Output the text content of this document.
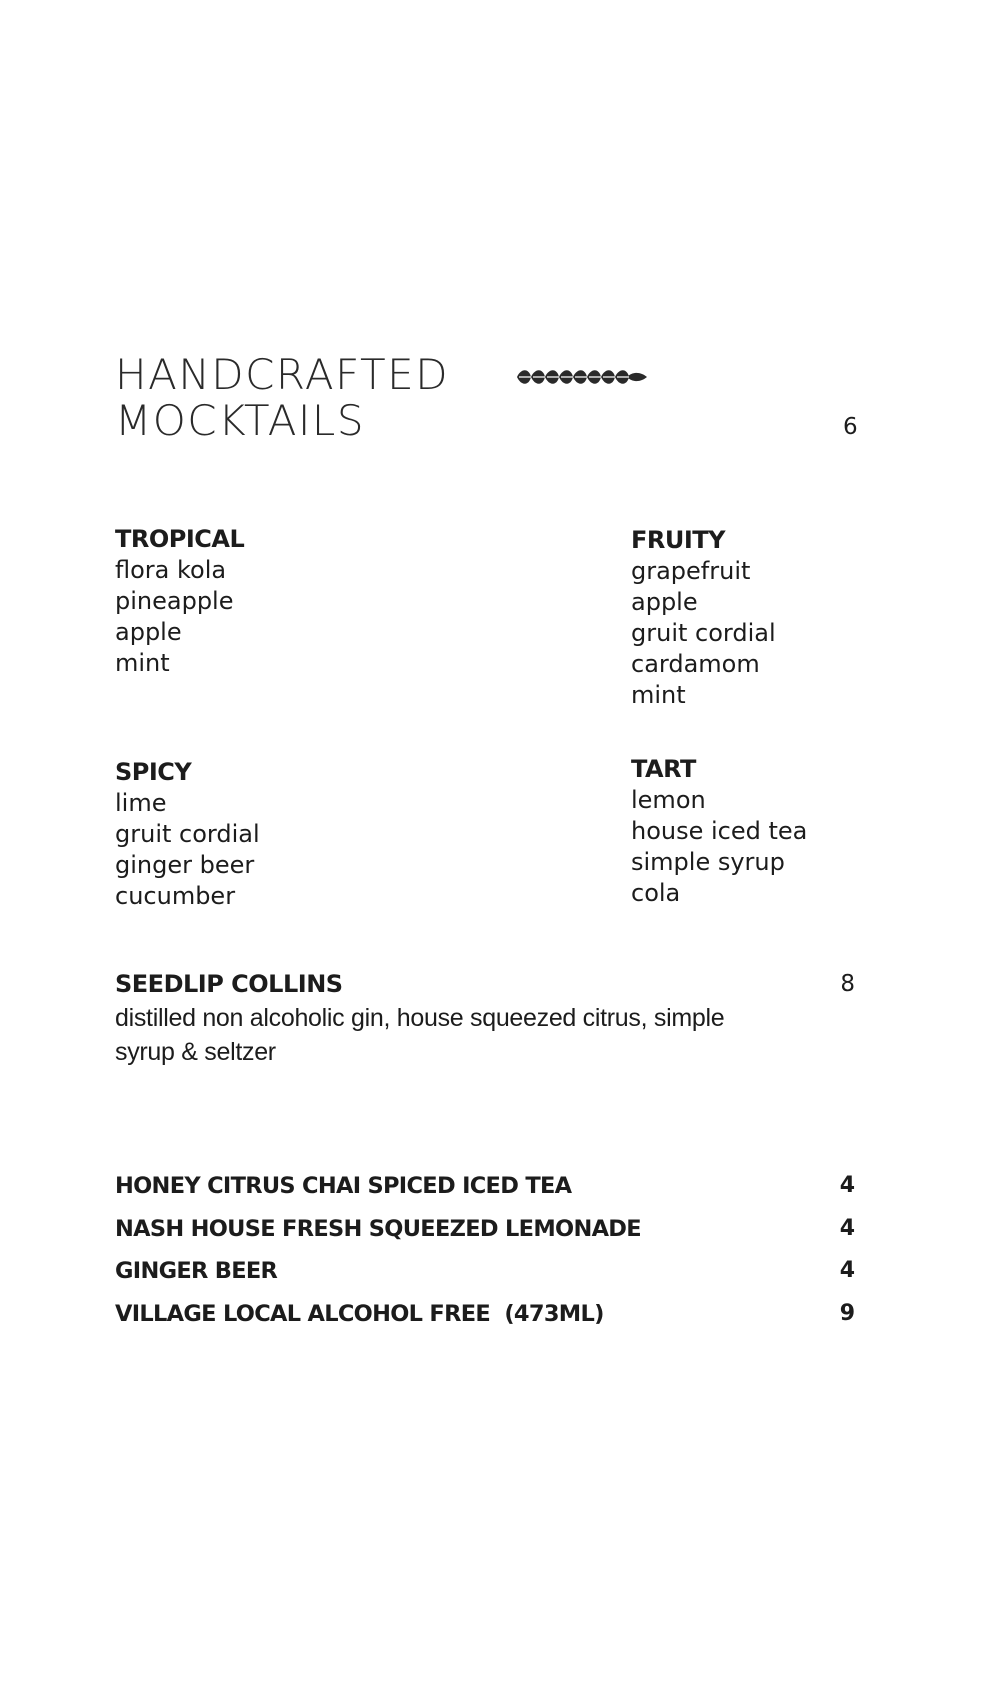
HANDCRAFTED
MOCKTAILS	6
TROPICAL
flora kola
pineapple
apple
mint
FRUITY
grapefruit
apple
gruit cordial
cardamom
mint
SPICY
lime
gruit cordial
ginger beer
cucumber
TART
lemon
house iced tea
simple syrup
cola
SEEDLIP COLLINS
distilled non alcoholic gin, house squeezed citrus, simple syrup & seltzer
8
HONEY CITRUS CHAI SPICED ICED TEA	4
NASH HOUSE FRESH SQUEEZED LEMONADE	4
GINGER BEER	4
VILLAGE LOCAL ALCOHOL FREE  (473ML)	9
